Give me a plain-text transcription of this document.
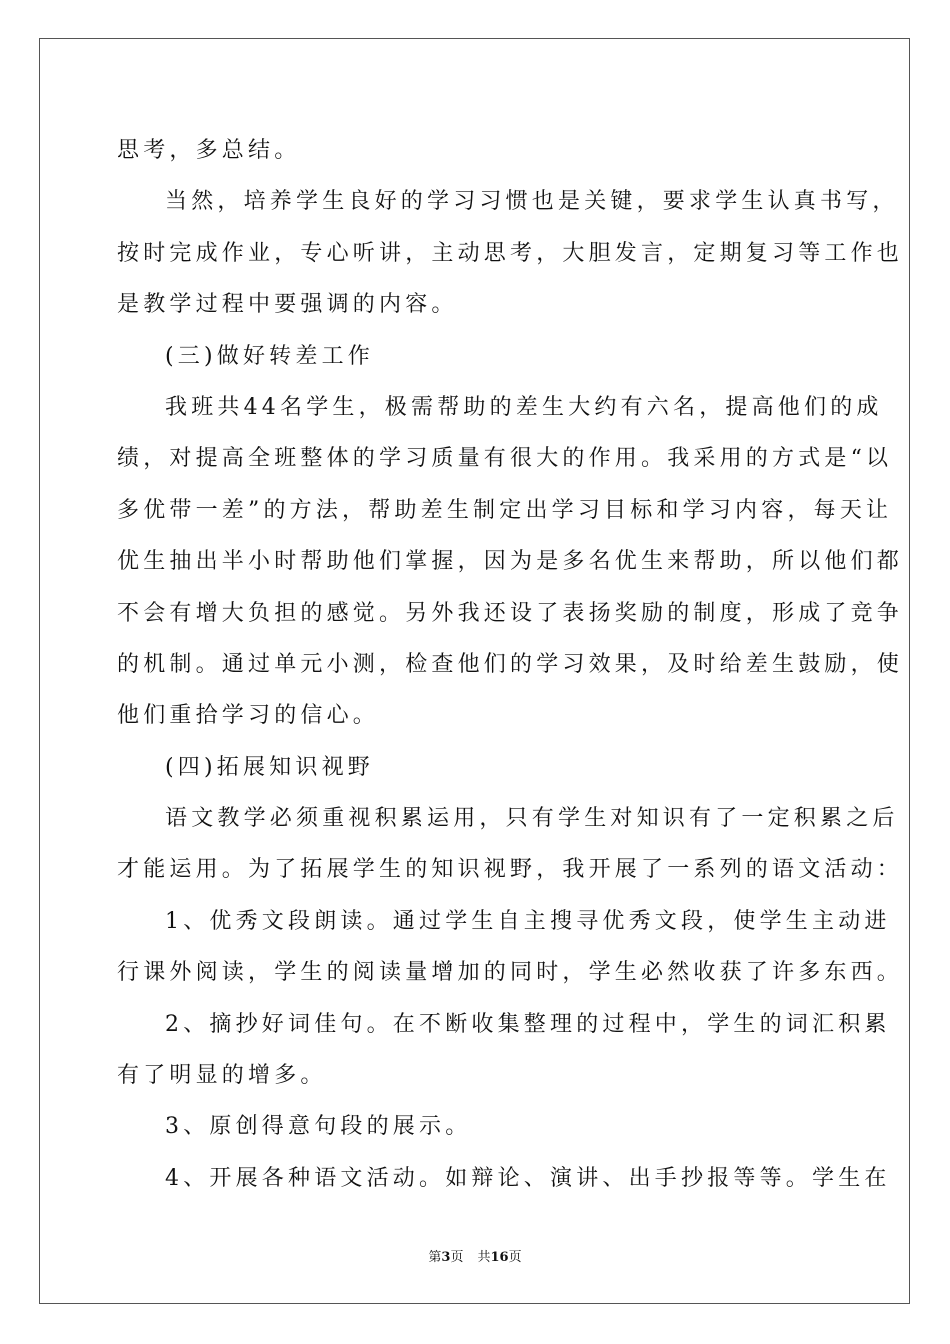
思考，多总结。
当然，培养学生良好的学习习惯也是关键，要求学生认真书写，
按时完成作业，专心听讲，主动思考，大胆发言，定期复习等工作也
是教学过程中要强调的内容。
(三)做好转差工作
我班共44名学生，极需帮助的差生大约有六名，提高他们的成
绩，对提高全班整体的学习质量有很大的作用。我采用的方式是“以
多优带一差”的方法，帮助差生制定出学习目标和学习内容，每天让
优生抽出半小时帮助他们掌握，因为是多名优生来帮助，所以他们都
不会有增大负担的感觉。另外我还设了表扬奖励的制度，形成了竞争
的机制。通过单元小测，检查他们的学习效果，及时给差生鼓励，使
他们重拾学习的信心。
(四)拓展知识视野
语文教学必须重视积累运用，只有学生对知识有了一定积累之后
才能运用。为了拓展学生的知识视野，我开展了一系列的语文活动：
1、优秀文段朗读。通过学生自主搜寻优秀文段，使学生主动进
行课外阅读，学生的阅读量增加的同时，学生必然收获了许多东西。
2、摘抄好词佳句。在不断收集整理的过程中，学生的词汇积累
有了明显的增多。
3、原创得意句段的展示。
4、开展各种语文活动。如辩论、演讲、出手抄报等等。学生在
第3页 共16页
